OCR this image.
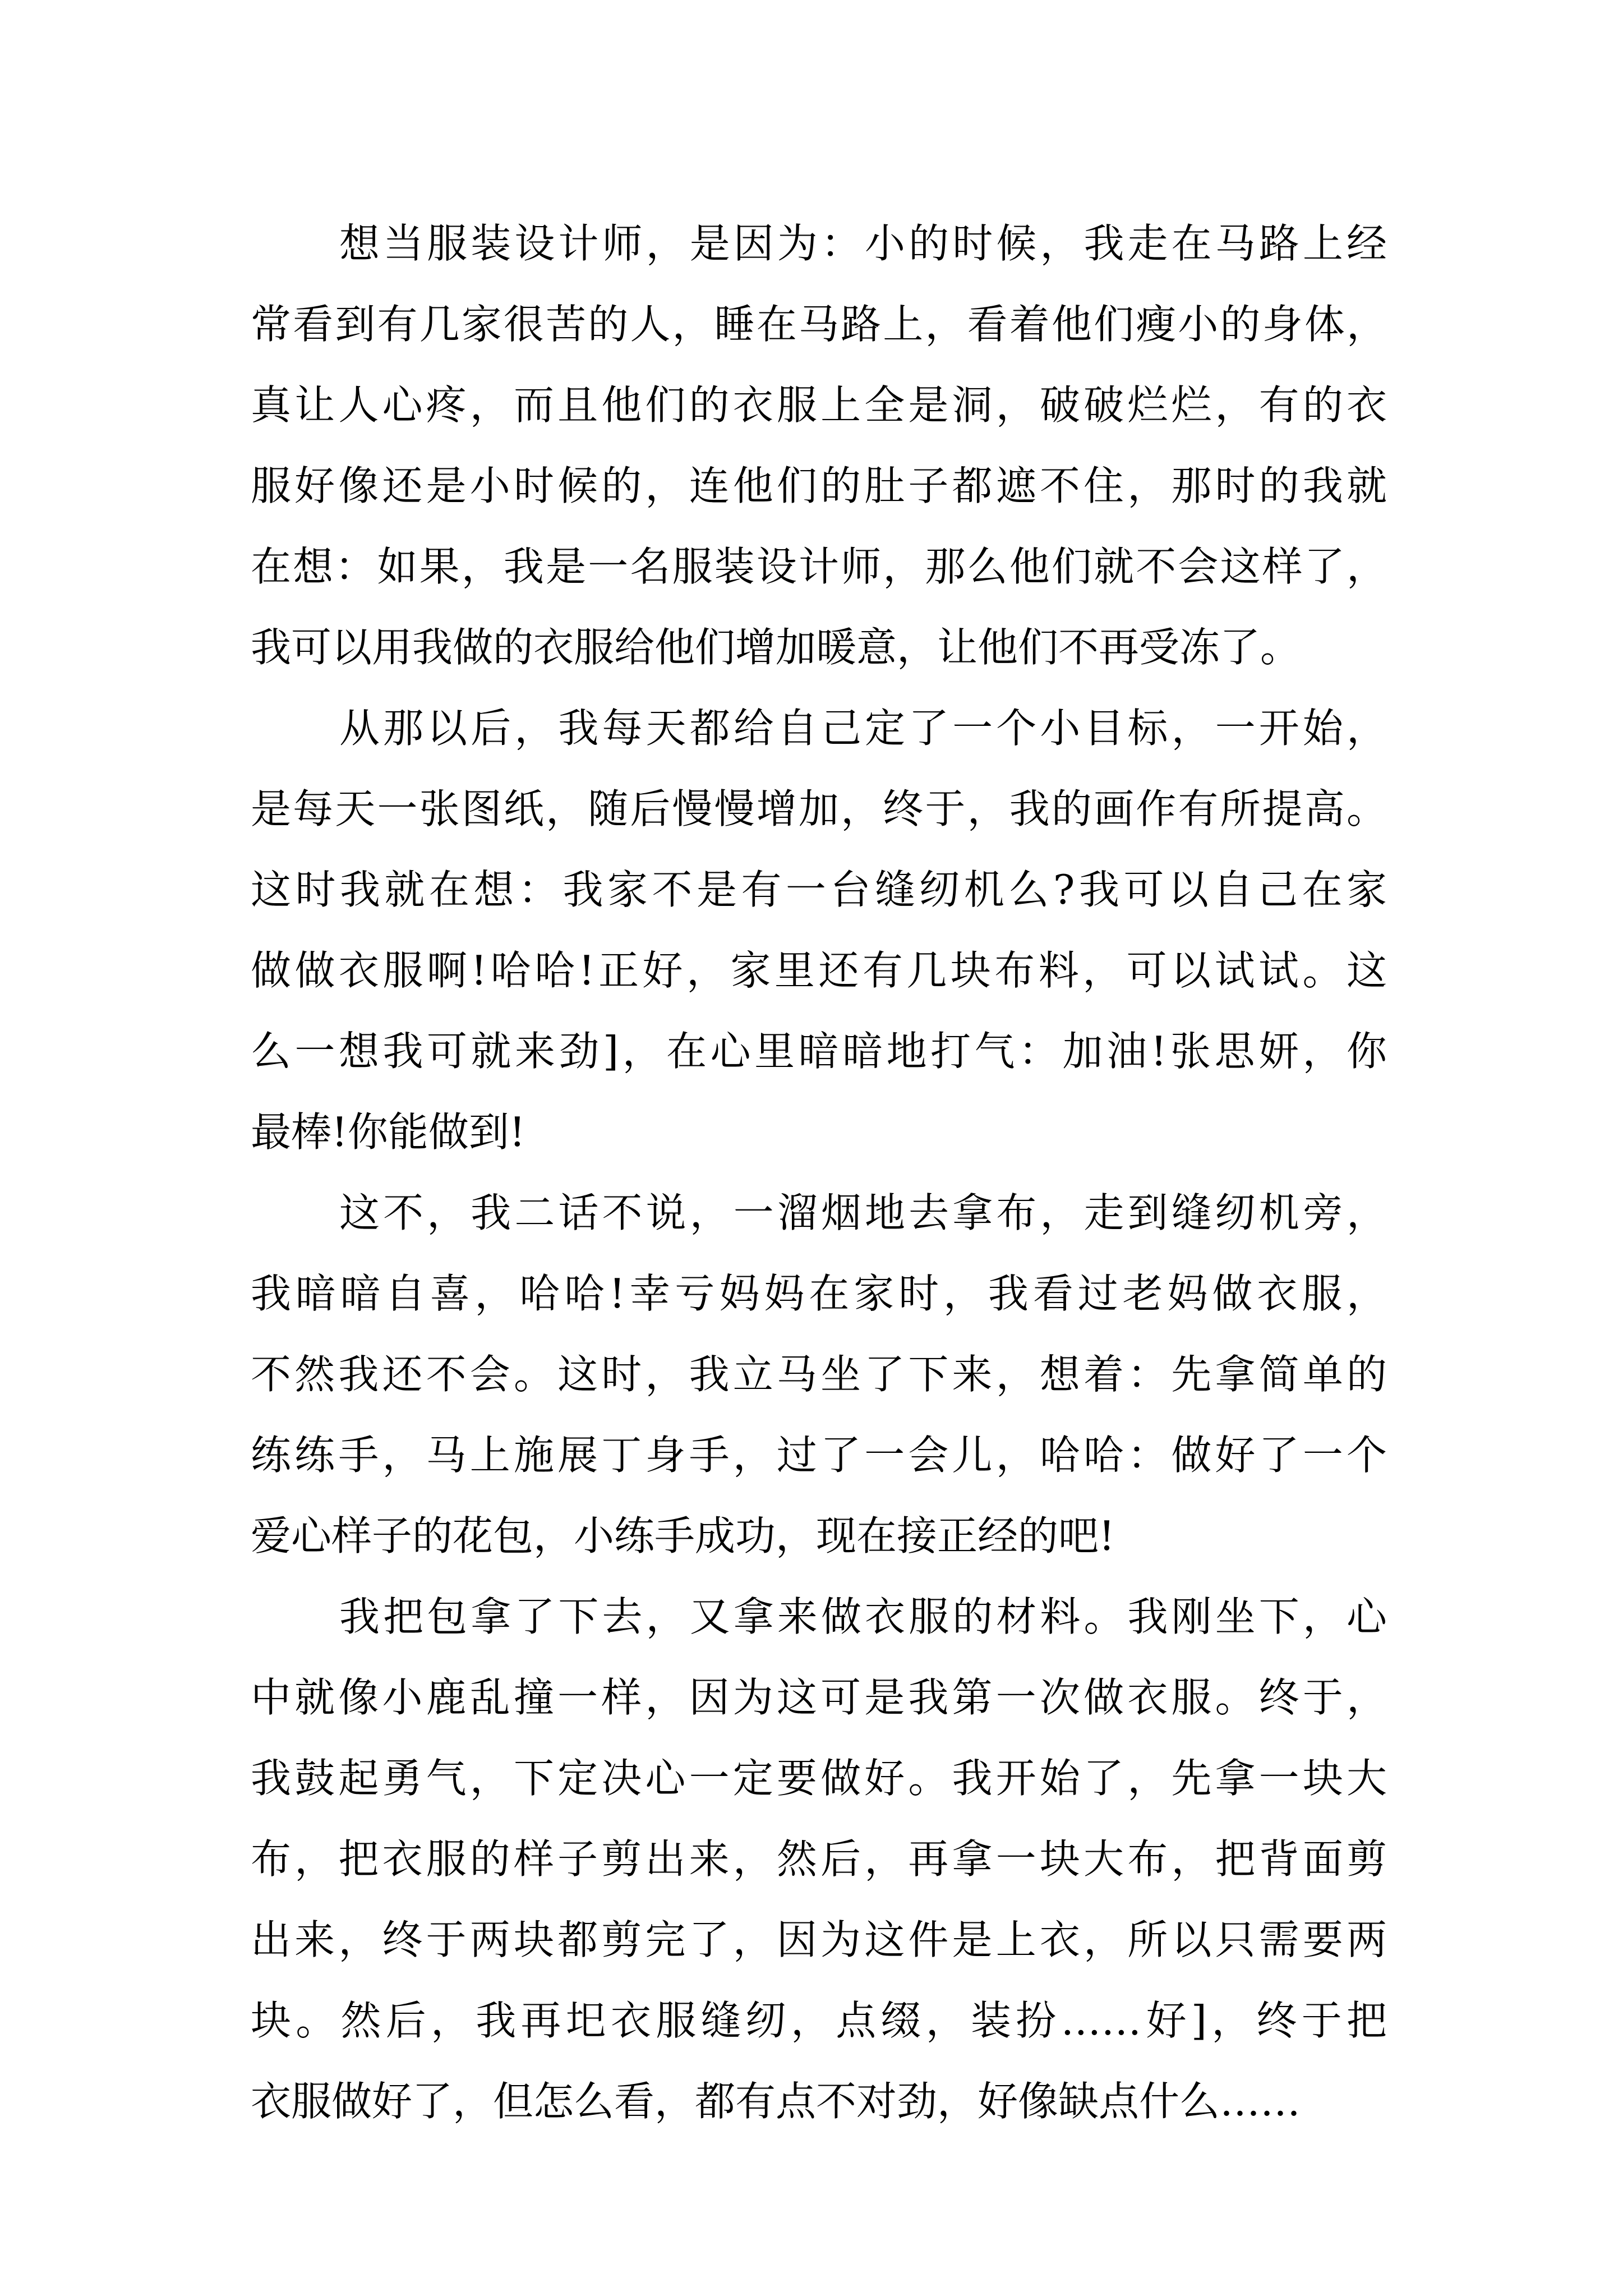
想当服装设计师，是因为：小的时候，我走在马路上经
常看到有几家很苦的人，睡在马路上，看着他们瘦小的身体，
真让人心疼，而且他们的衣服上全是洞，破破烂烂，有的衣
服好像还是小时候的，连他们的肚子都遮不住，那时的我就
在想：如果，我是一名服装设计师，那么他们就不会这样了，
我可以用我做的衣服给他们增加暖意，让他们不再受冻了。
从那以后，我每天都给自己定了一个小目标，一开始，
是每天一张图纸，随后慢慢增加，终于，我的画作有所提高。
这时我就在想：我家不是有一台缝纫机么?我可以自己在家
做做衣服啊!哈哈!正好，家里还有几块布料，可以试试。这
么一想我可就来劲]，在心里暗暗地打气：加油!张思妍，你
最棒!你能做到!
这不，我二话不说，一溜烟地去拿布，走到缝纫机旁，
我暗暗自喜，哈哈!幸亏妈妈在家时，我看过老妈做衣服，
不然我还不会。这时，我立马坐了下来，想着：先拿简单的
练练手，马上施展丁身手，过了一会儿，哈哈：做好了一个
爱心样子的花包，小练手成功，现在接正经的吧!
我把包拿了下去，又拿来做衣服的材料。我刚坐下，心
中就像小鹿乱撞一样，因为这可是我第一次做衣服。终于，
我鼓起勇气，下定决心一定要做好。我开始了，先拿一块大
布，把衣服的样子剪出来，然后，再拿一块大布，把背面剪
出来，终于两块都剪完了，因为这件是上衣，所以只需要两
块。然后，我再圯衣服缝纫，点缀，装扮……好]，终于把
衣服做好了，但怎么看，都有点不对劲，好像缺点什么……
